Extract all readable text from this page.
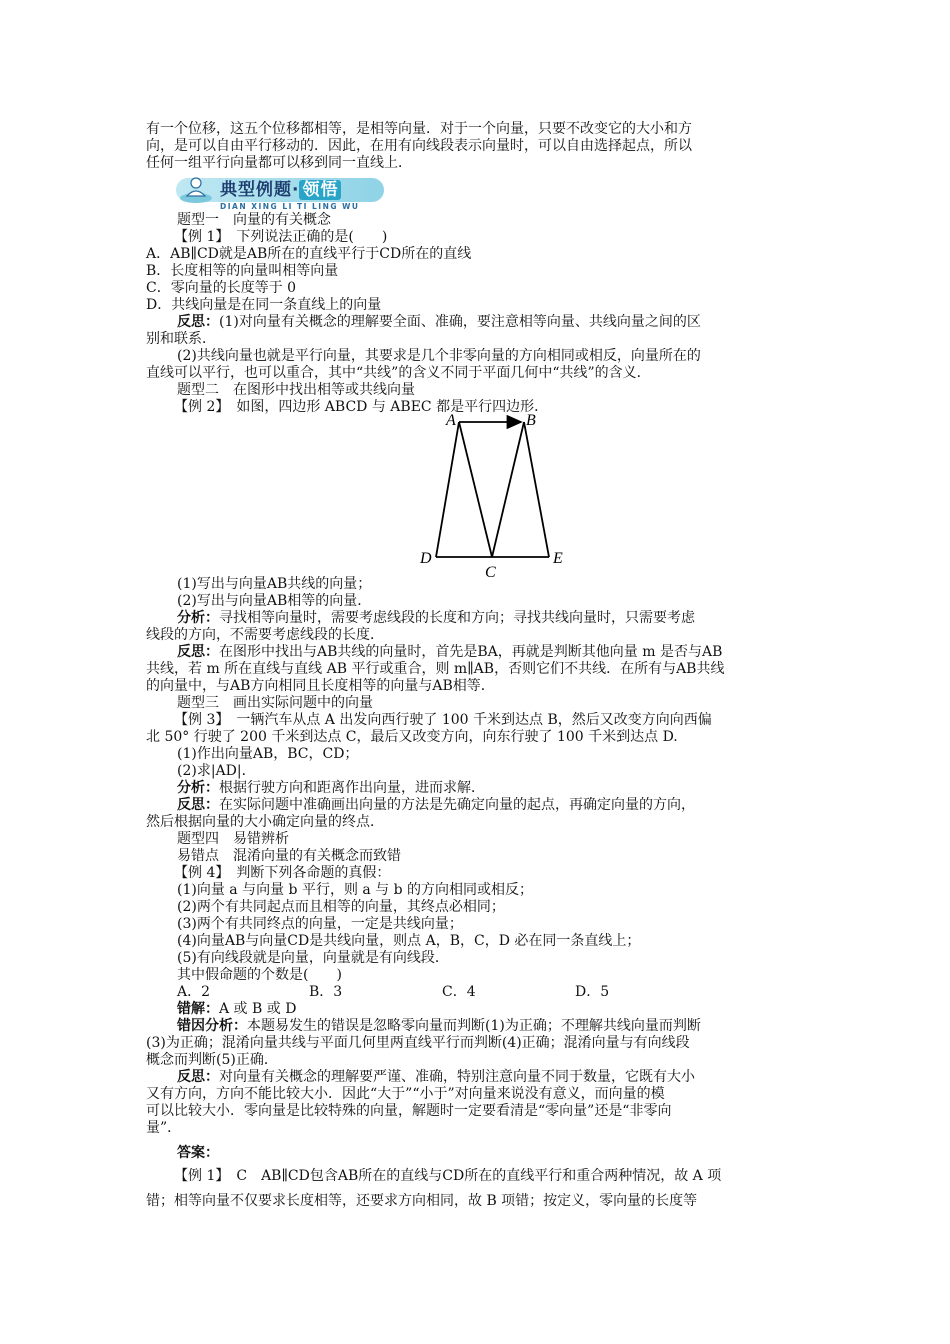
有一个位移，这五个位移都相等，是相等向量．对于一个向量，只要不改变它的大小和方
向，是可以自由平行移动的．因此，在用有向线段表示向量时，可以自由选择起点，所以
任何一组平行向量都可以移到同一直线上．
典型例题· 领悟
DIAN XING LI TI LING WU
题型一　向量的有关概念
【例 1】　下列说法正确的是(　　)
A．AB∥CD就是AB所在的直线平行于CD所在的直线
B．长度相等的向量叫相等向量
C．零向量的长度等于 0
D．共线向量是在同一条直线上的向量
反思：(1)对向量有关概念的理解要全面、准确，要注意相等向量、共线向量之间的区
别和联系．
(2)共线向量也就是平行向量，其要求是几个非零向量的方向相同或相反，向量所在的
直线可以平行，也可以重合，其中“共线”的含义不同于平面几何中“共线”的含义．
题型二　在图形中找出相等或共线向量
【例 2】　如图，四边形 ABCD 与 ABEC 都是平行四边形．
A	B
D
C
E
(1)写出与向量AB共线的向量；
(2)写出与向量AB相等的向量．
分析：寻找相等向量时，需要考虑线段的长度和方向；寻找共线向量时，只需要考虑
线段的方向，不需要考虑线段的长度．
反思：在图形中找出与AB共线的向量时，首先是BA，再就是判断其他向量 m 是否与AB
共线，若 m 所在直线与直线 AB 平行或重合，则 m∥AB，否则它们不共线．在所有与AB共线
的向量中，与AB方向相同且长度相等的向量与AB相等．
题型三　画出实际问题中的向量
【例 3】　一辆汽车从点 A 出发向西行驶了 100 千米到达点 B，然后又改变方向向西偏
北 50° 行驶了 200 千米到达点 C，最后又改变方向，向东行驶了 100 千米到达点 D.
(1)作出向量AB，BC，CD；
(2)求|AD|．
分析：根据行驶方向和距离作出向量，进而求解．
反思：在实际问题中准确画出向量的方法是先确定向量的起点，再确定向量的方向，
然后根据向量的大小确定向量的终点．
题型四　易错辨析
易错点　混淆向量的有关概念而致错
【例 4】　判断下列各命题的真假：
(1)向量 a 与向量 b 平行，则 a 与 b 的方向相同或相反；
(2)两个有共同起点而且相等的向量，其终点必相同；
(3)两个有共同终点的向量，一定是共线向量；
(4)向量AB与向量CD是共线向量，则点 A，B，C，D 必在同一条直线上；
(5)有向线段就是向量，向量就是有向线段．
其中假命题的个数是(　　)
A．2	B．3	C．4	D．5
错解：A 或 B 或 D
错因分析：本题易发生的错误是忽略零向量而判断(1)为正确；不理解共线向量而判断
(3)为正确；混淆向量共线与平面几何里两直线平行而判断(4)正确；混淆向量与有向线段
概念而判断(5)正确．
反思：对向量有关概念的理解要严谨、准确，特别注意向量不同于数量，它既有大小
又有方向，方向不能比较大小．因此“大于”“小于”对向量来说没有意义，而向量的模
可以比较大小．零向量是比较特殊的向量，解题时一定要看清是“零向量”还是“非零向
量”．
答案：
【例 1】　C　AB∥CD包含AB所在的直线与CD所在的直线平行和重合两种情况，故 A 项
错；相等向量不仅要求长度相等，还要求方向相同，故 B 项错；按定义，零向量的长度等
